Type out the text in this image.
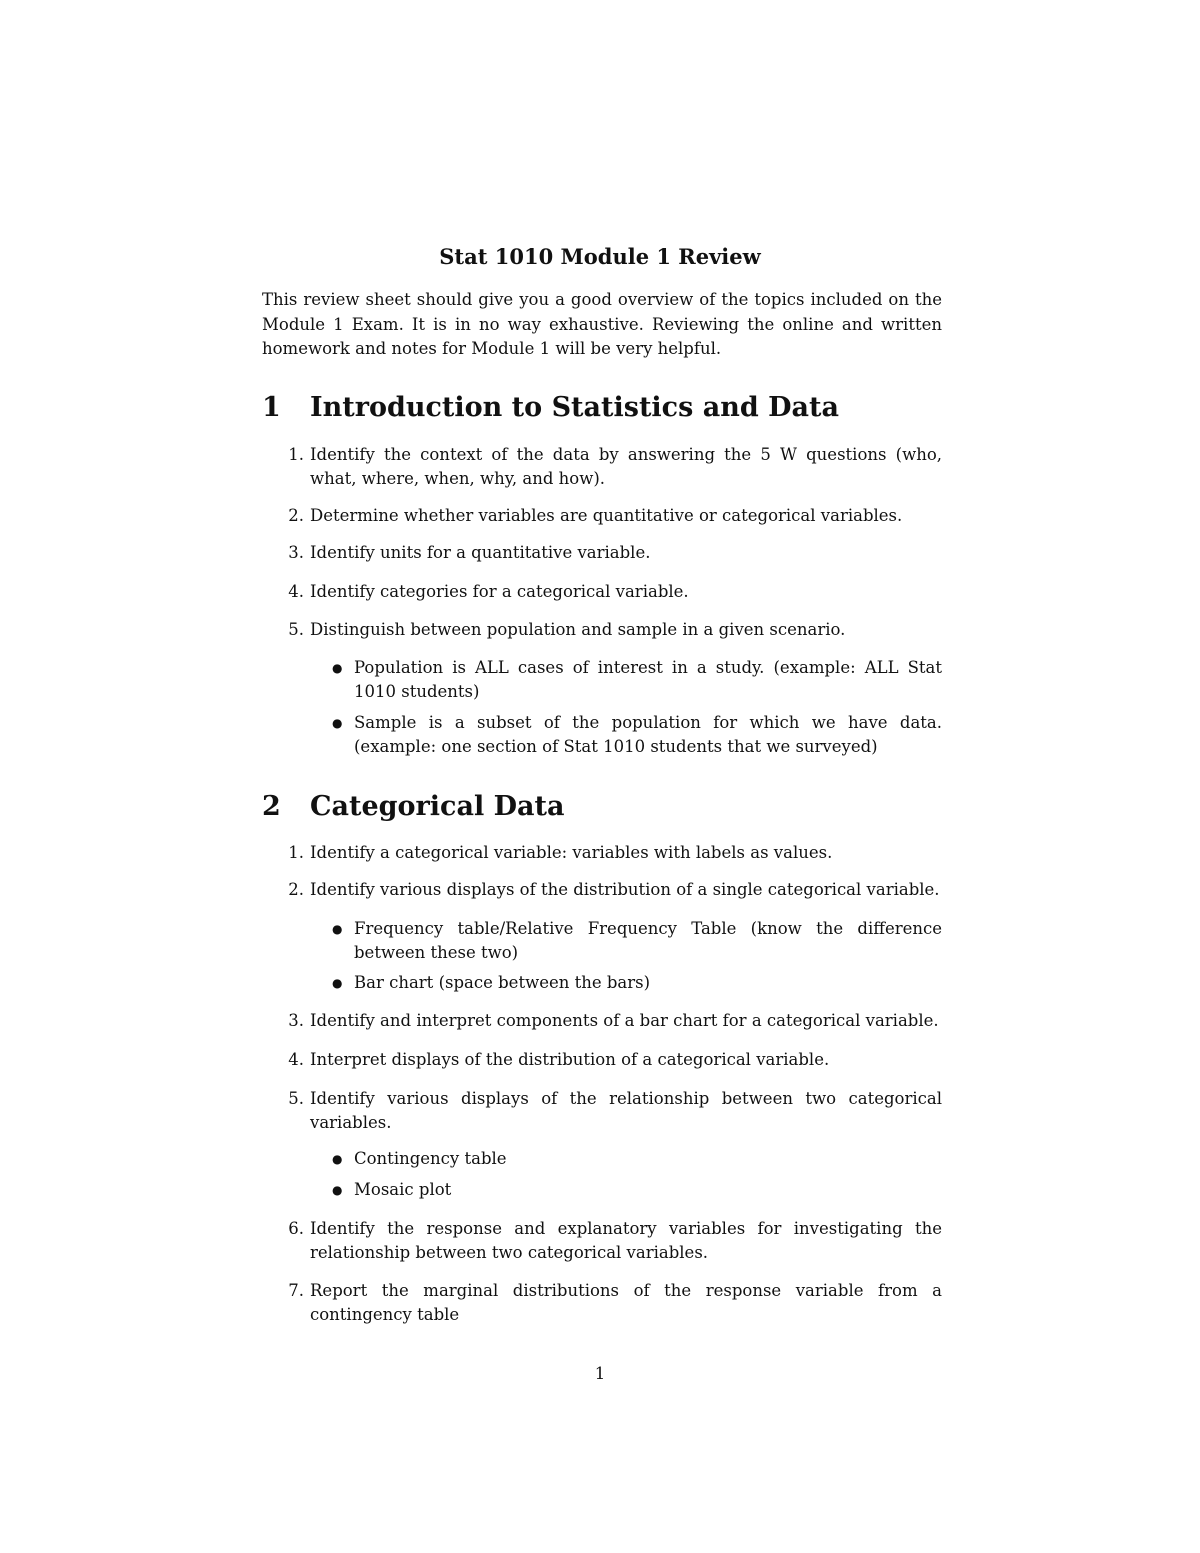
Stat 1010 Module 1 Review

This review sheet should give you a good overview of the topics included on the Module 1 Exam. It is in no way exhaustive. Reviewing the online and written homework and notes for Module 1 will be very helpful.

1 Introduction to Statistics and Data
1. Identify the context of the data by answering the 5 W questions (who, what, where, when, why, and how).
2. Determine whether variables are quantitative or categorical variables.
3. Identify units for a quantitative variable.
4. Identify categories for a categorical variable.
5. Distinguish between population and sample in a given scenario.
● Population is ALL cases of interest in a study. (example: ALL Stat 1010 students)
● Sample is a subset of the population for which we have data. (example: one section of Stat 1010 students that we surveyed)
2 Categorical Data
1. Identify a categorical variable: variables with labels as values.
2. Identify various displays of the distribution of a single categorical variable.
● Frequency table/Relative Frequency Table (know the difference between these two)
● Bar chart (space between the bars)
3. Identify and interpret components of a bar chart for a categorical variable.
4. Interpret displays of the distribution of a categorical variable.
5. Identify various displays of the relationship between two categorical variables.
● Contingency table
● Mosaic plot
6. Identify the response and explanatory variables for investigating the relationship between two categorical variables.
7. Report the marginal distributions of the response variable from a contingency table
1
